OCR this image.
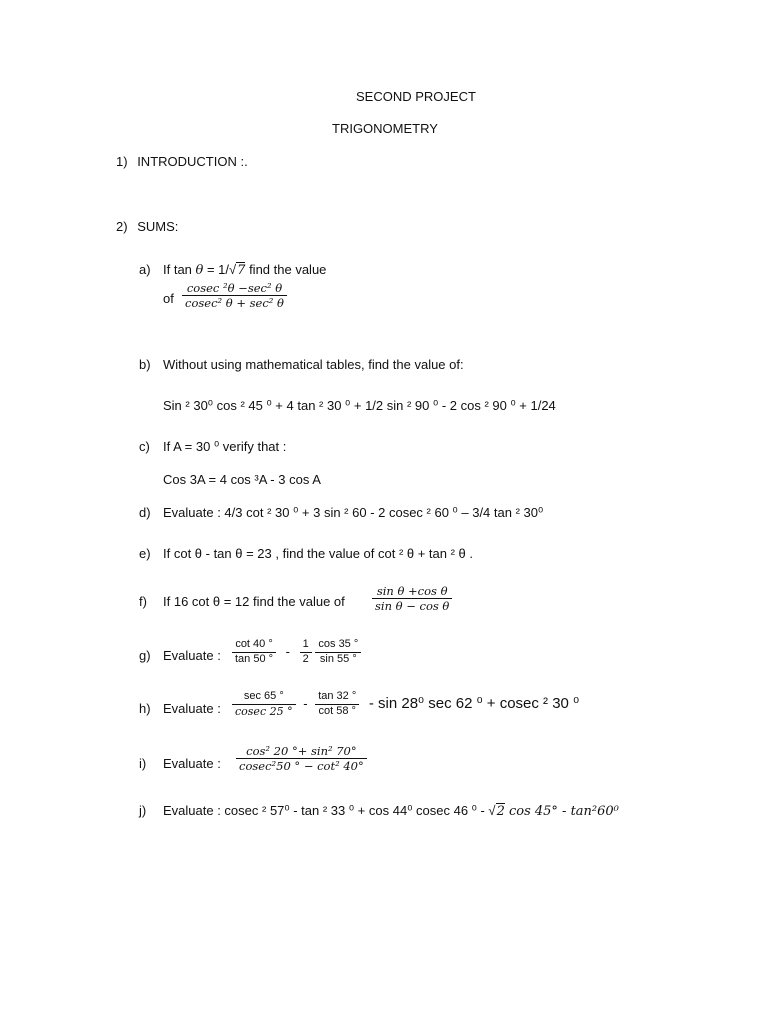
SECOND PROJECT
TRIGONOMETRY
1) INTRODUCTION :.
2) SUMS:
a) If tan θ = 1/√7 find the value
of $\frac{\text{cosec ²θ −sec² θ}}{\text{cosec² θ + sec² θ}}$
b) Without using mathematical tables, find the value of:
Sin ² 30⁰ cos ² 45 ⁰ + 4 tan ² 30 ⁰ + 1/2 sin ² 90 ⁰ - 2 cos ² 90 ⁰ + 1/24
c) If A = 30 ⁰ verify that :
Cos 3A = 4 cos ³A - 3 cos A
d) Evaluate : 4/3 cot ² 30 ⁰ + 3 sin ² 60 - 2 cosec ² 60 ⁰ – 3/4 tan ² 30⁰
e) If cot θ - tan θ = 23 , find the value of cot ² θ + tan ² θ .
f) If 16 cot θ = 12 find the value of $\frac{\text{sin θ +cos θ}}{\text{sin θ − cos θ}}$
g) Evaluate : $\frac{\cot 40 ^\circ}{\tan 50 ^\circ} - \frac{1}{2}$
$\frac{\cos 35 ^\circ}{\sin 55 ^\circ}$
h) Evaluate : $\frac{\sec 65 ^\circ}{cosec 25 ^\circ} - \frac{\tan 32 ^\circ}{\cot 58 ^\circ}$ - sin 28⁰ sec 62 ⁰ + cosec ² 30 ⁰
i) Evaluate : $\frac{\text{cos² 20 °+ sin² 70°}}{\text{cosec²50 ° − cot² 40°}}$
j) Evaluate : cosec ² 57⁰ - tan ² 33 ⁰ + cos 44⁰ cosec 46 ⁰ - √2 cos 45° - tan²60⁰
